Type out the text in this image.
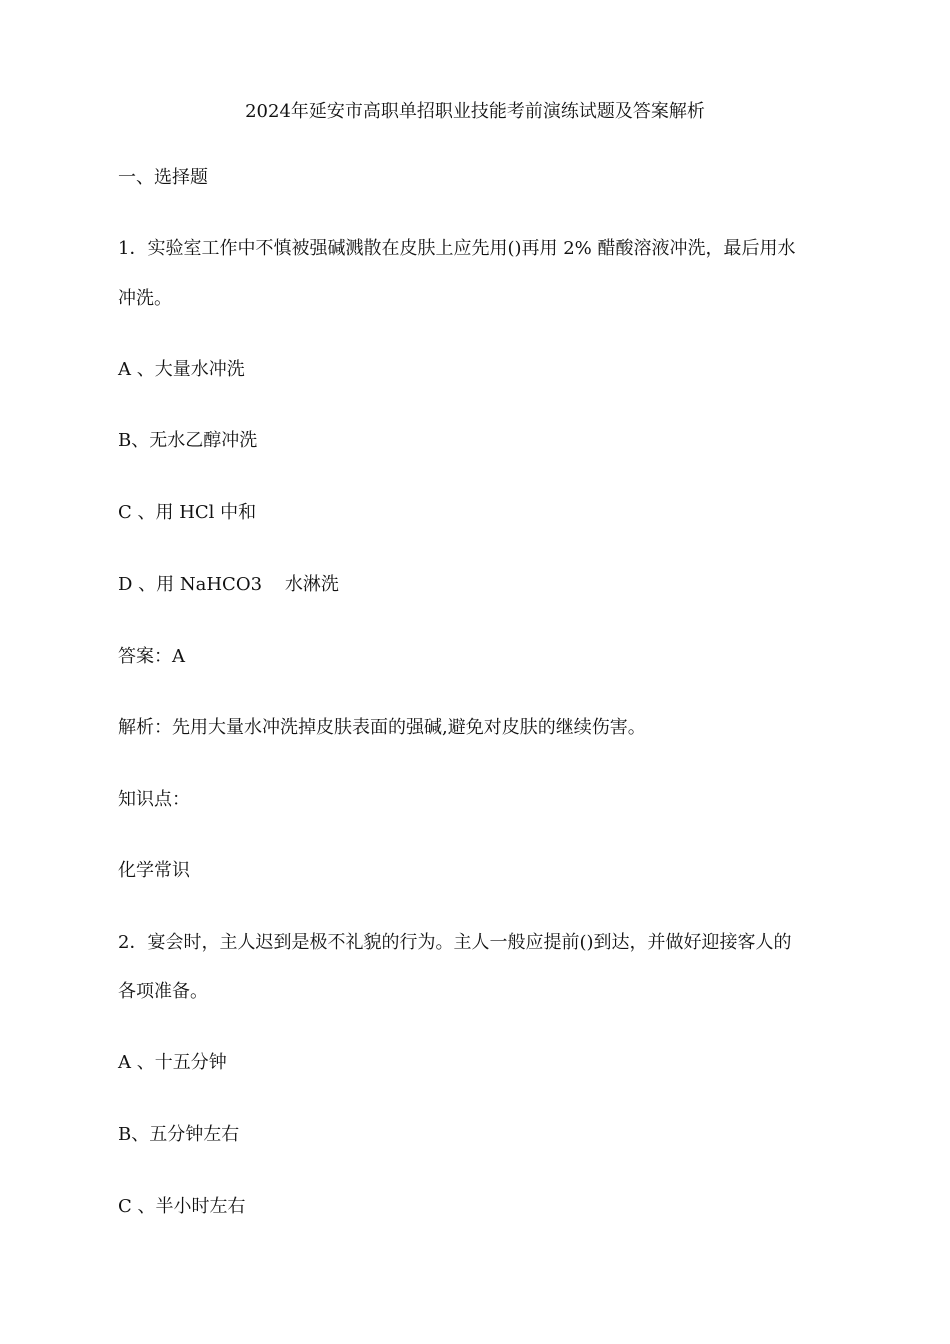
2024年延安市高职单招职业技能考前演练试题及答案解析
一、选择题
1．实验室工作中不慎被强碱溅散在皮肤上应先用()再用 2% 醋酸溶液冲洗，最后用水
冲洗。
A 、大量水冲洗
B、无水乙醇冲洗
C 、用 HCl 中和
D 、用 NaHCO3    水淋洗
答案：A
解析：先用大量水冲洗掉皮肤表面的强碱,避免对皮肤的继续伤害。
知识点：
化学常识
2．宴会时，主人迟到是极不礼貌的行为。主人一般应提前()到达，并做好迎接客人的
各项准备。
A 、十五分钟
B、五分钟左右
C 、半小时左右
